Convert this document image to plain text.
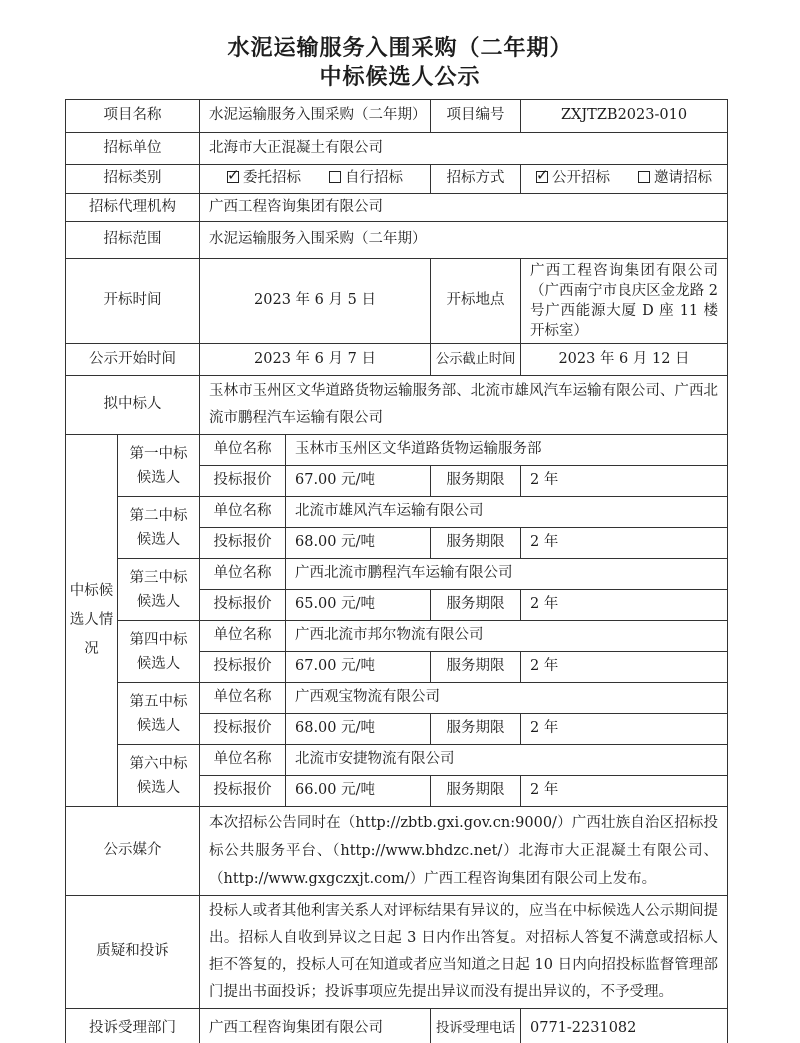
水泥运输服务入围采购（二年期）
中标候选人公示
项目名称		水泥运输服务入围采购（二年期）		项目编号	ZXJTZB2023-010
招标单位		北海市大正混凝土有限公司			
招标类别		✓ 委托招标 自行招标		招标方式	✓ 公开招标 邀请招标
招标代理机构		广西工程咨询集团有限公司			
招标范围		水泥运输服务入围采购（二年期）			
开标时间		2023 年 6 月 5 日		开标地点	广西工程咨询集团有限公司（广西南宁市良庆区金龙路 2 号广西能源大厦 D 座 11 楼开标室）
公示开始时间		2023 年 6 月 7 日		公示截止时间	2023 年 6 月 12 日
拟中标人		玉林市玉州区文华道路货物运输服务部、北流市雄风汽车运输有限公司、广西北流市鹏程汽车运输有限公司			

中标候选人情况	第一中标候选人	单位名称	玉林市玉州区文华道路货物运输服务部		
		投标报价	67.00 元/吨	服务期限	2 年

	第二中标候选人	单位名称	北流市雄风汽车运输有限公司		
		投标报价	68.00 元/吨	服务期限	2 年

	第三中标候选人	单位名称	广西北流市鹏程汽车运输有限公司		
		投标报价	65.00 元/吨	服务期限	2 年

	第四中标候选人	单位名称	广西北流市邦尔物流有限公司		
		投标报价	67.00 元/吨	服务期限	2 年

	第五中标候选人	单位名称	广西观宝物流有限公司		
		投标报价	68.00 元/吨	服务期限	2 年

	第六中标候选人	单位名称	北流市安捷物流有限公司		
		投标报价	66.00 元/吨	服务期限	2 年
公示媒介		本次招标公告同时在（http://zbtb.gxi.gov.cn:9000/）广西壮族自治区招标投标公共服务平台、（http://www.bhdzc.net/）北海市大正混凝土有限公司、（http://www.gxgczxjt.com/）广西工程咨询集团有限公司上发布。			
质疑和投诉		投标人或者其他利害关系人对评标结果有异议的，应当在中标候选人公示期间提出。招标人自收到异议之日起 3 日内作出答复。对招标人答复不满意或招标人拒不答复的，投标人可在知道或者应当知道之日起 10 日内向招投标监督管理部门提出书面投诉；投诉事项应先提出异议而没有提出异议的，不予受理。			
投诉受理部门		广西工程咨询集团有限公司		投诉受理电话	0771-2231082
